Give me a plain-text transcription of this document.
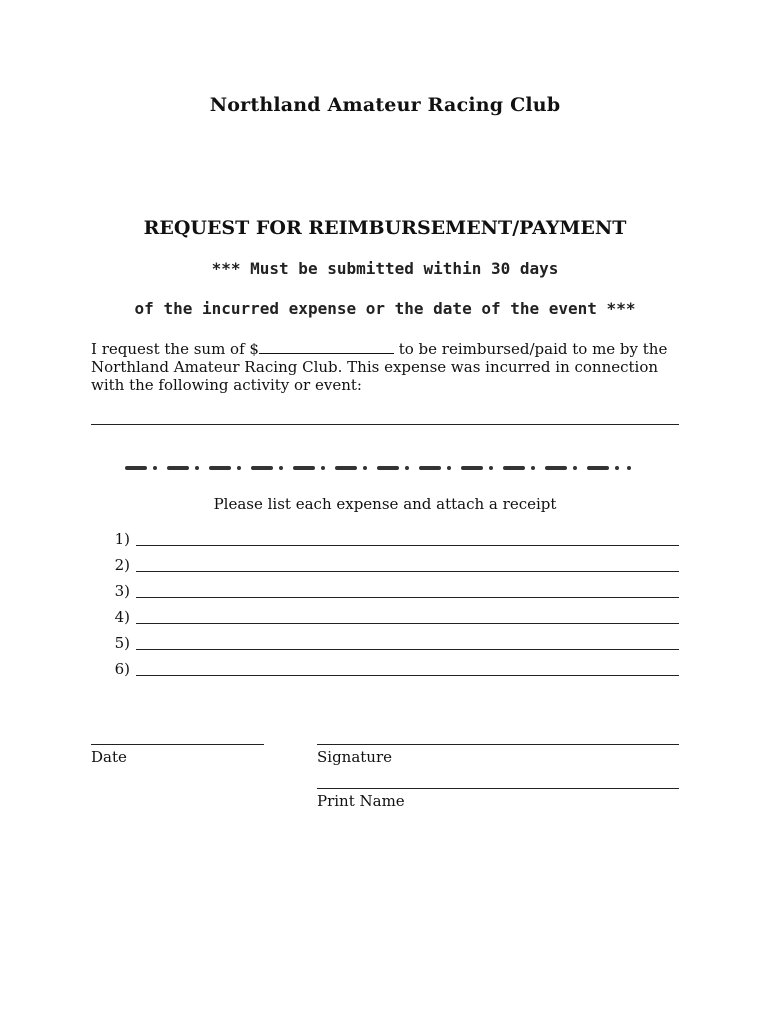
Northland Amateur Racing Club
REQUEST FOR REIMBURSEMENT/PAYMENT
*** Must be submitted within 30 days
of the incurred expense or the date of the event ***
I request the sum of $	to be reimbursed/paid to me by the Northland Amateur Racing Club. This expense was incurred in connection with the following activity or event:
Please list each expense and attach a receipt
1)
2)
3)
4)
5)
6)
Date	Signature
Print Name
